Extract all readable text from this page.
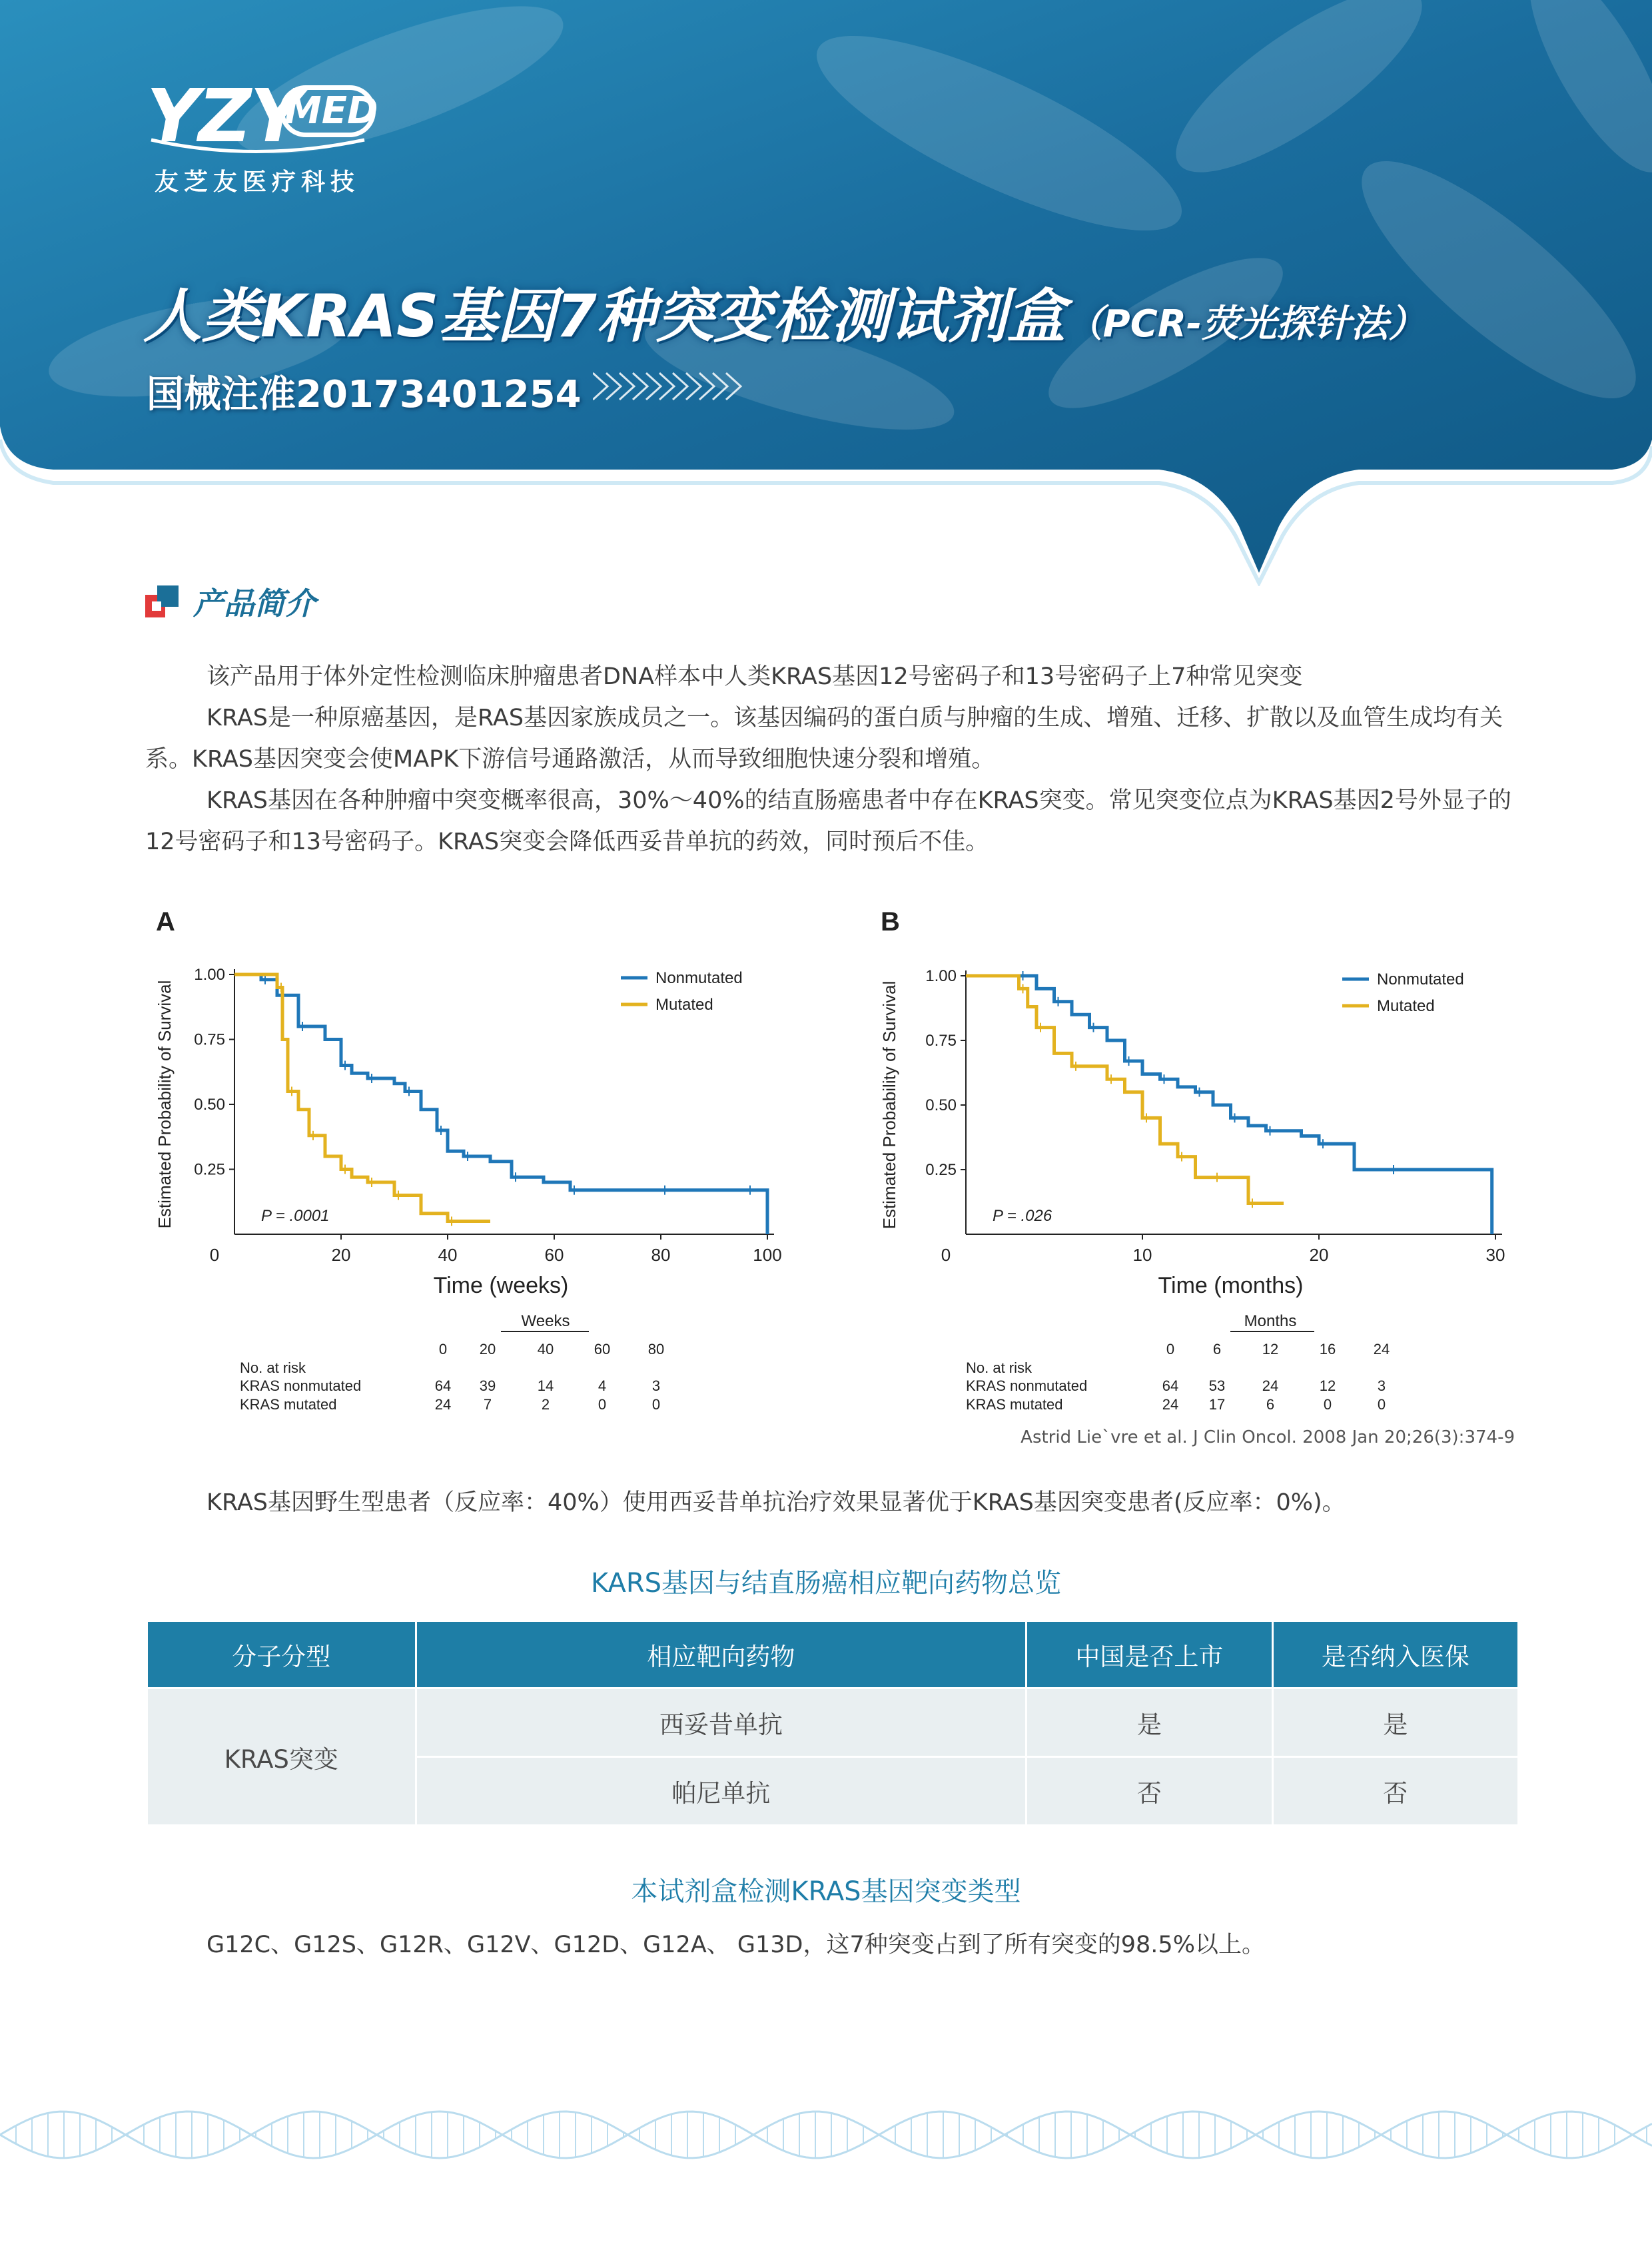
YZY
MED
友芝友医疗科技
人类KRAS基因7种突变检测试剂盒（PCR-荧光探针法）
国械注准20173401254
产品简介

该产品用于体外定性检测临床肿瘤患者DNA样本中人类KRAS基因12号密码子和13号密码子上7种常见突变

KRAS是一种原癌基因，是RAS基因家族成员之一。该基因编码的蛋白质与肿瘤的生成、增殖、迁移、扩散以及血管生成均有关系。KRAS基因突变会使MAPK下游信号通路激活，从而导致细胞快速分裂和增殖。

KRAS基因在各种肿瘤中突变概率很高，30%～40%的结直肠癌患者中存在KRAS突变。常见突变位点为KRAS基因2号外显子的12号密码子和13号密码子。KRAS突变会降低西妥昔单抗的药效，同时预后不佳。

A
1.00
0.75
0.50
0.25
0	20	40	60	80	100
Time (weeks)
Estimated Probability of Survival
Nonmutated
Mutated
P = .0001
Weeks
0 20	40	60	80
No. at risk
KRAS nonmutated	64 39	14	4	3
KRAS mutated	24 7	2	0	0
B
1.00
0.75
0.50
0.25
0	10	20	30
Time (months)
Estimated Probability of Survival
Nonmutated
Mutated
P = .026
Months
0	6	12	16	24
No. at risk
KRAS nonmutated	64 53	24	12	3
KRAS mutated	24 17	6	0	0
Astrid Lie`vre et al. J Clin Oncol. 2008 Jan 20;26(3):374-9
KRAS基因野生型患者（反应率：40%）使用西妥昔单抗治疗效果显著优于KRAS基因突变患者(反应率：0%)。
KARS基因与结直肠癌相应靶向药物总览
分子分型	相应靶向药物	中国是否上市	是否纳入医保
KRAS突变	西妥昔单抗	是	是
	帕尼单抗	否	否
本试剂盒检测KRAS基因突变类型
G12C、G12S、G12R、G12V、G12D、G12A、 G13D，这7种突变占到了所有突变的98.5%以上。
